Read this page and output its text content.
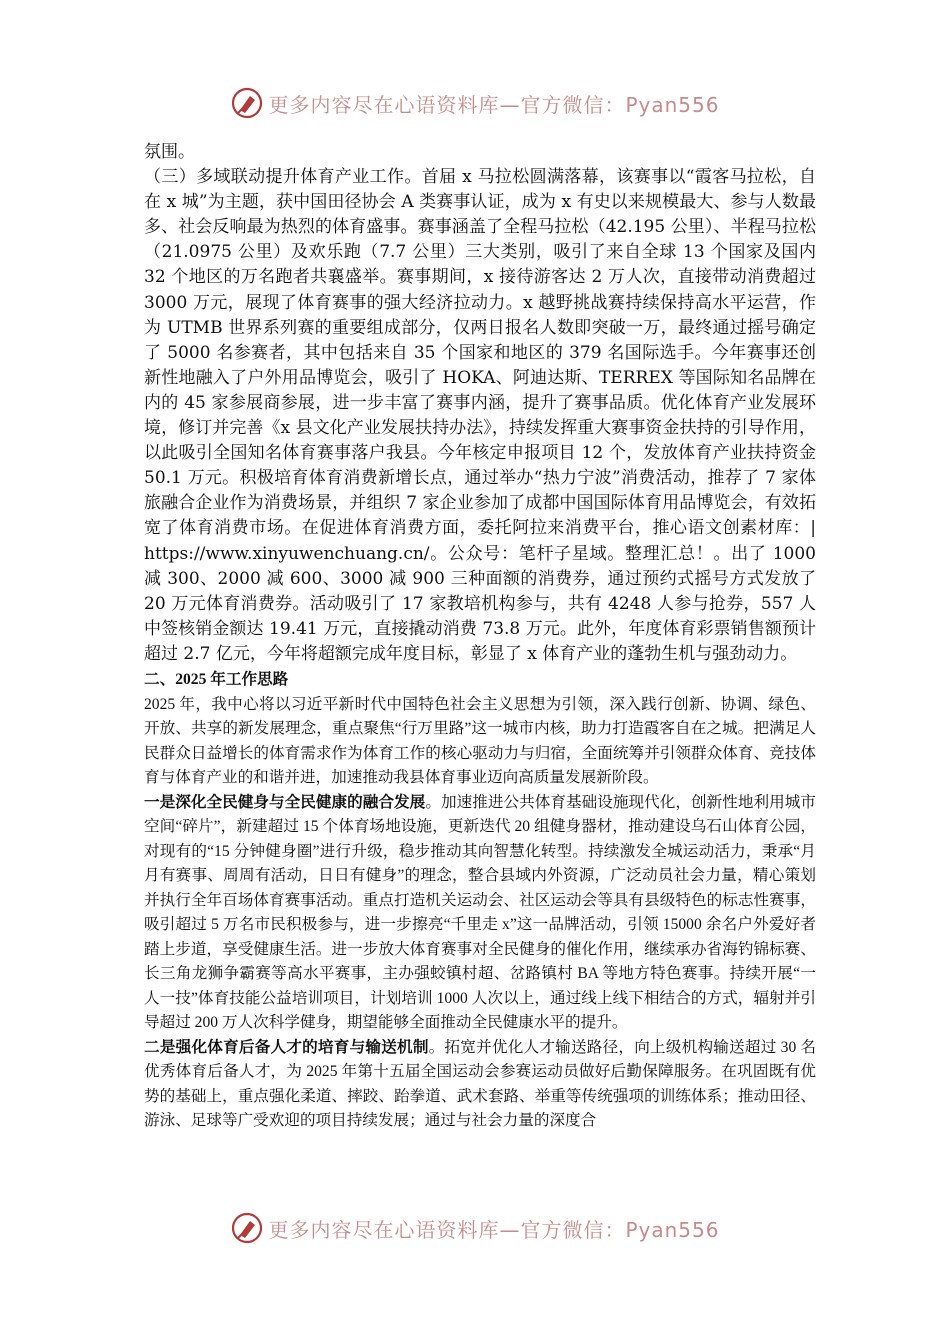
更多内容尽在心语资料库—官方微信：Pyan556

氛围。

（三）多域联动提升体育产业工作。首届 x 马拉松圆满落幕，该赛事以“霞客马拉松，自在 x 城”为主题，获中国田径协会 A 类赛事认证，成为 x 有史以来规模最大、参与人数最多、社会反响最为热烈的体育盛事。赛事涵盖了全程马拉松（42.195 公里）、半程马拉松（21.0975 公里）及欢乐跑（7.7 公里）三大类别，吸引了来自全球 13 个国家及国内 32 个地区的万名跑者共襄盛举。赛事期间，x 接待游客达 2 万人次，直接带动消费超过 3000 万元，展现了体育赛事的强大经济拉动力。x 越野挑战赛持续保持高水平运营，作为 UTMB 世界系列赛的重要组成部分，仅两日报名人数即突破一万，最终通过摇号确定了 5000 名参赛者，其中包括来自 35 个国家和地区的 379 名国际选手。今年赛事还创新性地融入了户外用品博览会，吸引了 HOKA、阿迪达斯、TERREX 等国际知名品牌在内的 45 家参展商参展，进一步丰富了赛事内涵，提升了赛事品质。优化体育产业发展环境，修订并完善《x 县文化产业发展扶持办法》，持续发挥重大赛事资金扶持的引导作用，以此吸引全国知名体育赛事落户我县。今年核定申报项目 12 个，发放体育产业扶持资金 50.1 万元。积极培育体育消费新增长点，通过举办“热力宁波”消费活动，推荐了 7 家体旅融合企业作为消费场景，并组织 7 家企业参加了成都中国国际体育用品博览会，有效拓宽了体育消费市场。在促进体育消费方面，委托阿拉来消费平台，推心语文创素材库：| https://www.xinyuwenchuang.cn/。公众号：笔杆子星域。整理汇总！。出了 1000 减 300、2000 减 600、3000 减 900 三种面额的消费券，通过预约式摇号方式发放了 20 万元体育消费券。活动吸引了 17 家教培机构参与，共有 4248 人参与抢券，557 人中签核销金额达 19.41 万元，直接撬动消费 73.8 万元。此外，年度体育彩票销售额预计超过 2.7 亿元，今年将超额完成年度目标，彰显了 x 体育产业的蓬勃生机与强劲动力。

二、2025 年工作思路

2025 年，我中心将以习近平新时代中国特色社会主义思想为引领，深入践行创新、协调、绿色、开放、共享的新发展理念，重点聚焦“行万里路”这一城市内核，助力打造霞客自在之城。把满足人民群众日益增长的体育需求作为体育工作的核心驱动力与归宿，全面统筹并引领群众体育、竞技体育与体育产业的和谐并进，加速推动我县体育事业迈向高质量发展新阶段。

一是深化全民健身与全民健康的融合发展。加速推进公共体育基础设施现代化，创新性地利用城市空间“碎片”，新建超过 15 个体育场地设施，更新迭代 20 组健身器材，推动建设乌石山体育公园，对现有的“15 分钟健身圈”进行升级，稳步推动其向智慧化转型。持续激发全城运动活力，秉承“月月有赛事、周周有活动，日日有健身”的理念，整合县域内外资源，广泛动员社会力量，精心策划并执行全年百场体育赛事活动。重点打造机关运动会、社区运动会等具有县级特色的标志性赛事，吸引超过 5 万名市民积极参与，进一步擦亮“千里走 x”这一品牌活动，引领 15000 余名户外爱好者踏上步道，享受健康生活。进一步放大体育赛事对全民健身的催化作用，继续承办省海钓锦标赛、长三角龙狮争霸赛等高水平赛事，主办强蛟镇村超、岔路镇村 BA 等地方特色赛事。持续开展“一人一技”体育技能公益培训项目，计划培训 1000 人次以上，通过线上线下相结合的方式，辐射并引导超过 200 万人次科学健身，期望能够全面推动全民健康水平的提升。

二是强化体育后备人才的培育与输送机制。拓宽并优化人才输送路径，向上级机构输送超过 30 名优秀体育后备人才，为 2025 年第十五届全国运动会参赛运动员做好后勤保障服务。在巩固既有优势的基础上，重点强化柔道、摔跤、跆拳道、武术套路、举重等传统强项的训练体系；推动田径、游泳、足球等广受欢迎的项目持续发展；通过与社会力量的深度合

更多内容尽在心语资料库—官方微信：Pyan556
